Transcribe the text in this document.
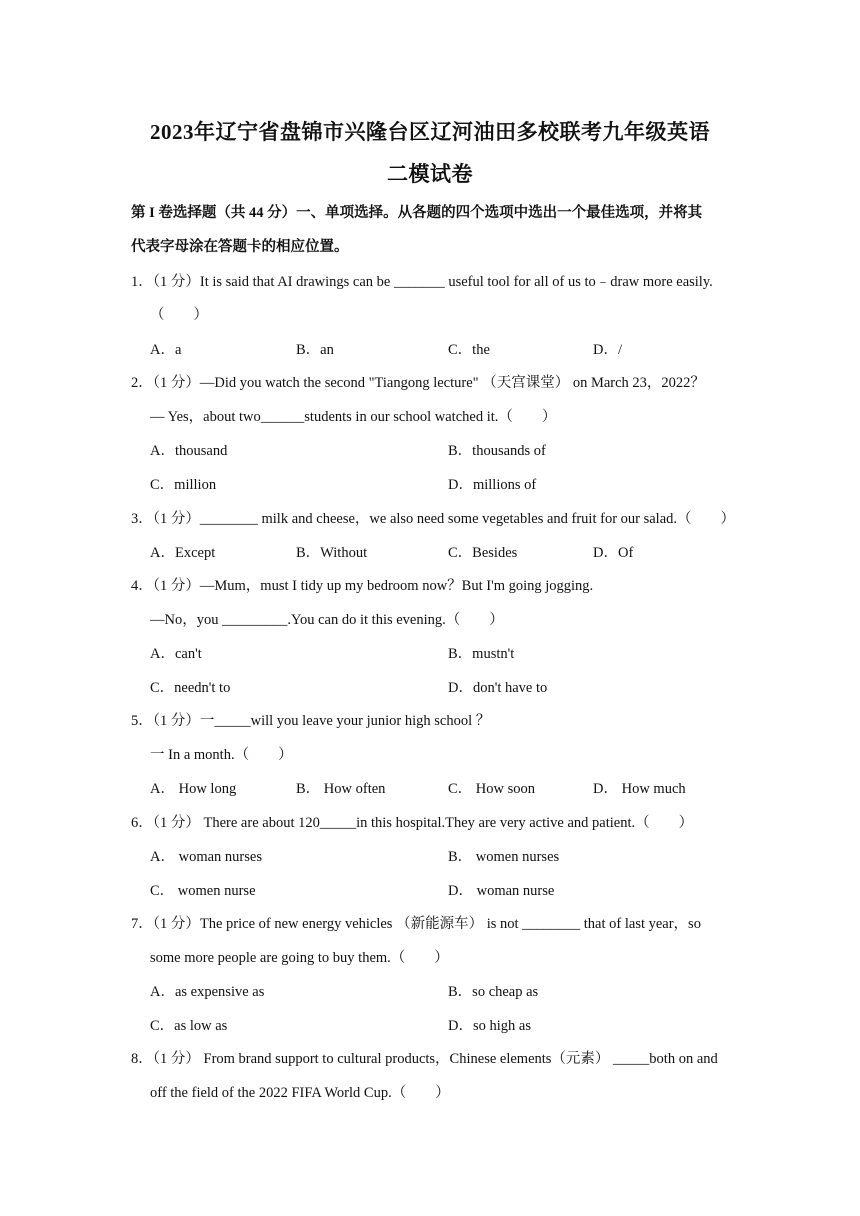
2023年辽宁省盘锦市兴隆台区辽河油田多校联考九年级英语
二模试卷
第 I 卷选择题（共 44 分）一、单项选择。从各题的四个选项中选出一个最佳选项，并将其
代表字母涂在答题卡的相应位置。
1．（1 分）It is said that AI drawings can be _______ useful tool for all of us to﹣draw more easily.
（　　）
A．a	B．an	C．the	D．/
2．（1 分）—Did you watch the second "Tiangong lecture" （天宫课堂） on March 23，2022？
— Yes，about two______students in our school watched it.（　　）
A．thousand	B．thousands of
C．million	D．millions of
3．（1 分）________ milk and cheese，we also need some vegetables and fruit for our salad.（　　）
A．Except	B．Without	C．Besides	D．Of
4．（1 分）—Mum，must I tidy up my bedroom now？But I'm going jogging.
—No，you _________.You can do it this evening.（　　）
A．can't	B．mustn't
C．needn't to	D．don't have to
5．（1 分）一_____will you leave your junior high school ？
一 In a month.（　　）
A． How long	B． How often	C． How soon	D． How much
6．（1 分） There are about 120_____in this hospital.They are very active and patient.（　　）
A． woman nurses	B． women nurses
C． women nurse	D． woman nurse
7．（1 分）The price of new energy vehicles （新能源车） is not ________ that of last year，so
some more people are going to buy them.（　　）
A．as expensive as	B．so cheap as
C．as low as	D．so high as
8．（1 分） From brand support to cultural products，Chinese elements（元素） _____both on and
off the field of the 2022 FIFA World Cup.（　　）
